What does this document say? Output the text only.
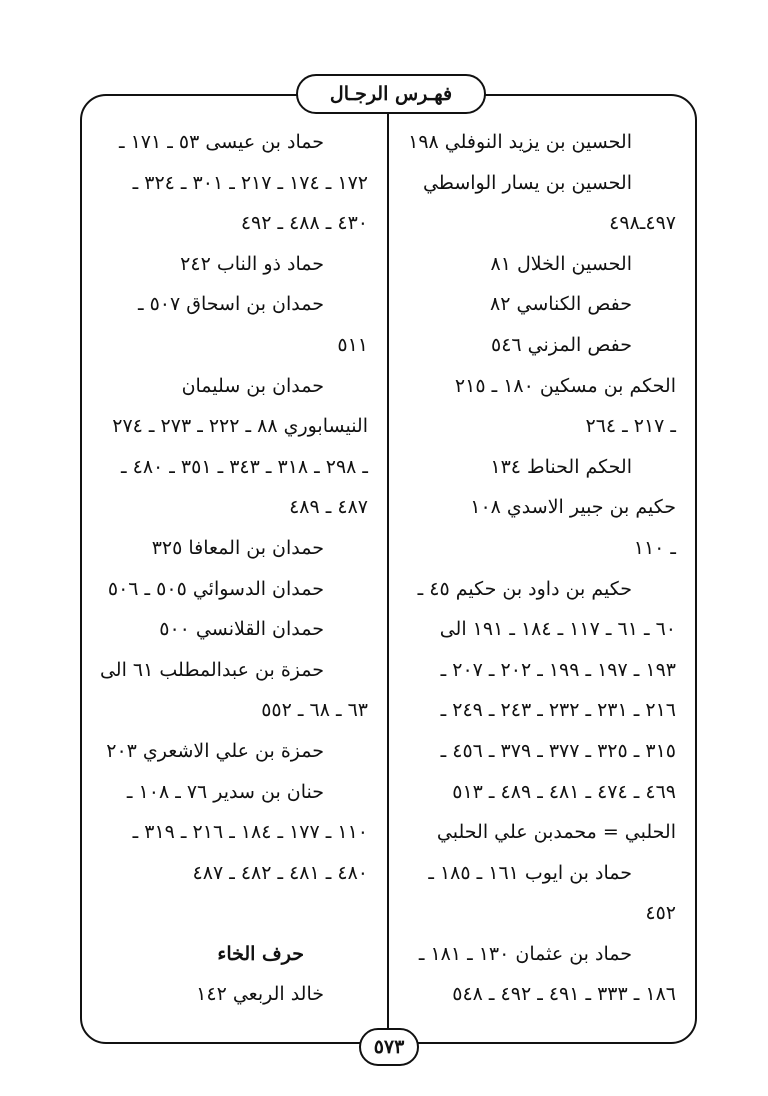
فهـرس الرجـال
الحسين بن يزيد النوفلي ١٩٨
الحسين بن يسار الواسطي
٤٩٧ـ٤٩٨
الحسين الخلال ٨١
حفص الكناسي ٨٢
حفص المزني ٥٤٦
الحكم بن مسكين ١٨٠ ـ ٢١٥
ـ ٢١٧ ـ ٢٦٤
الحكم الحناط ١٣٤
حكيم بن جبير الاسدي ١٠٨
ـ ١١٠
حكيم بن داود بن حكيم ٤٥ ـ
٦٠ ـ ٦١ ـ ١١٧ ـ ١٨٤ ـ ١٩١ الى
١٩٣ ـ ١٩٧ ـ ١٩٩ ـ ٢٠٢ ـ ٢٠٧ ـ
٢١٦ ـ ٢٣١ ـ ٢٣٢ ـ ٢٤٣ ـ ٢٤٩ ـ
٣١٥ ـ ٣٢٥ ـ ٣٧٧ ـ ٣٧٩ ـ ٤٥٦ ـ
٤٦٩ ـ ٤٧٤ ـ ٤٨١ ـ ٤٨٩ ـ ٥١٣
الحلبي = محمدبن علي الحلبي
حماد بن ايوب ١٦١ ـ ١٨٥ ـ
٤٥٢
حماد بن عثمان ١٣٠ ـ ١٨١ ـ
١٨٦ ـ ٣٣٣ ـ ٤٩١ ـ ٤٩٢ ـ ٥٤٨
حماد بن عيسى ٥٣ ـ ١٧١ ـ
١٧٢ ـ ١٧٤ ـ ٢١٧ ـ ٣٠١ ـ ٣٢٤ ـ
٤٣٠ ـ ٤٨٨ ـ ٤٩٢
حماد ذو الناب ٢٤٢
حمدان بن اسحاق ٥٠٧ ـ
٥١١
حمدان بن سليمان
النيسابوري ٨٨ ـ ٢٢٢ ـ ٢٧٣ ـ ٢٧٤
ـ ٢٩٨ ـ ٣١٨ ـ ٣٤٣ ـ ٣٥١ ـ ٤٨٠ ـ
٤٨٧ ـ ٤٨٩
حمدان بن المعافا ٣٢٥
حمدان الدسوائي ٥٠٥ ـ ٥٠٦
حمدان القلانسي ٥٠٠
حمزة بن عبدالمطلب ٦١ الى
٦٣ ـ ٦٨ ـ ٥٥٢
حمزة بن علي الاشعري ٢٠٣
حنان بن سدير ٧٦ ـ ١٠٨ ـ
١١٠ ـ ١٧٧ ـ ١٨٤ ـ ٢١٦ ـ ٣١٩ ـ
٤٨٠ ـ ٤٨١ ـ ٤٨٢ ـ ٤٨٧
حرف الخاء
خالد الربعي ١٤٢
٥٧٣
